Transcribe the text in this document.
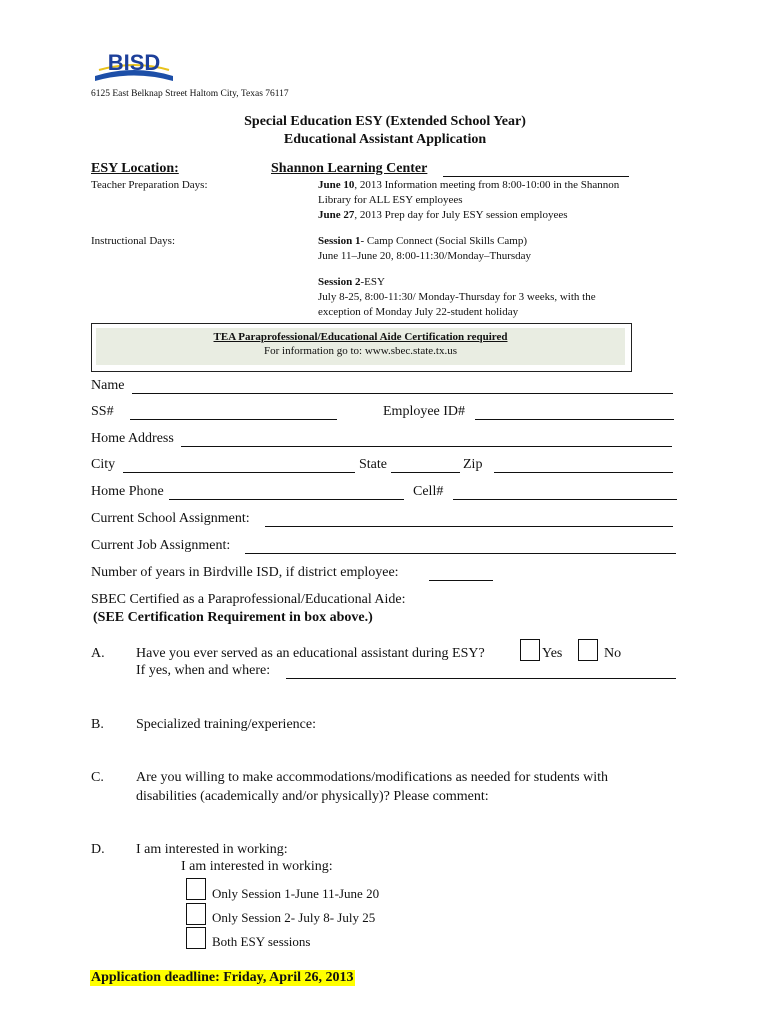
BISD
6125 East Belknap Street Haltom City, Texas 76117
Special Education ESY (Extended School Year)
Educational Assistant Application
ESY Location:	Shannon Learning Center
Teacher Preparation Days:	June 10, 2013 Information meeting from 8:00-10:00 in the Shannon
Library for ALL ESY employees
June 27, 2013 Prep day for July ESY session employees
Instructional Days:	Session 1- Camp Connect (Social Skills Camp)
June 11–June 20, 8:00-11:30/Monday–Thursday
Session 2-ESY
July 8-25, 8:00-11:30/ Monday-Thursday for 3 weeks, with the
exception of Monday July 22-student holiday
TEA Paraprofessional/Educational Aide Certification required
For information go to: www.sbec.state.tx.us
Name
SS#	Employee ID#
Home Address
City	State	Zip
Home Phone	Cell#
Current School Assignment:
Current Job Assignment:
Number of years in Birdville ISD, if district employee:
SBEC Certified as a Paraprofessional/Educational Aide:
(SEE Certification Requirement in box above.)
A. Have you ever served as an educational assistant during ESY?	Yes	No
If yes, when and where:
B. Specialized training/experience:
C. Are you willing to make accommodations/modifications as needed for students with
disabilities (academically and/or physically)? Please comment:
D. I am interested in working:
I am interested in working:
Only Session 1-June 11-June 20
Only Session 2- July 8- July 25
Both ESY sessions
Application deadline: Friday, April 26, 2013
